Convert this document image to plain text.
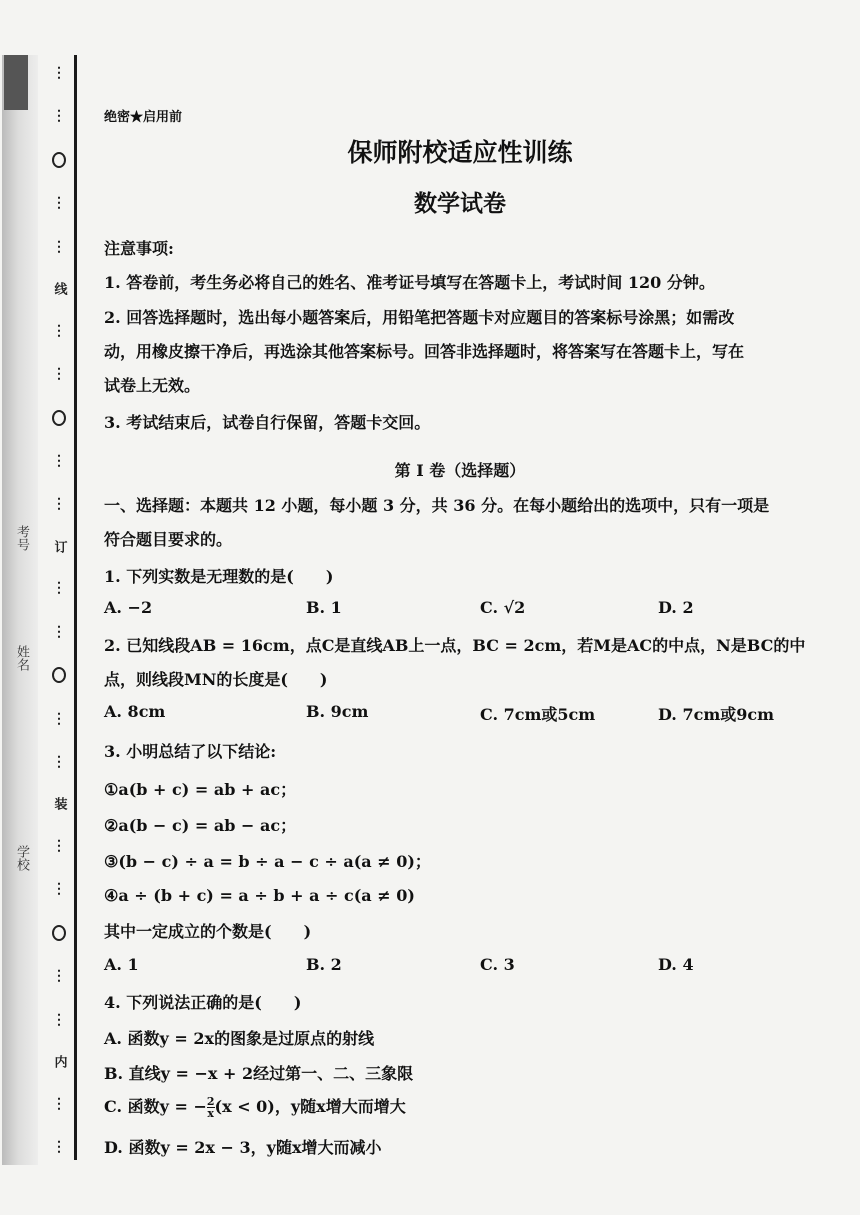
⋮
⋮
⋮
⋮
线
⋮
⋮
⋮
⋮
订
⋮
⋮
⋮
⋮
装
⋮
⋮
⋮
⋮
内
⋮
⋮
考号
姓名
学校
绝密★启用前
保师附校适应性训练
数学试卷
注意事项:
1. 答卷前，考生务必将自己的姓名、准考证号填写在答题卡上，考试时间 120 分钟。
2. 回答选择题时，选出每小题答案后，用铅笔把答题卡对应题目的答案标号涂黑；如需改
动，用橡皮擦干净后，再选涂其他答案标号。回答非选择题时，将答案写在答题卡上，写在
试卷上无效。
3. 考试结束后，试卷自行保留，答题卡交回。
第 I 卷（选择题）
一、选择题：本题共 12 小题，每小题 3 分，共 36 分。在每小题给出的选项中，只有一项是
符合题目要求的。
1. 下列实数是无理数的是(　　)
A. −2	B. 1	C. √2	D. 2
2. 已知线段AB = 16cm，点C是直线AB上一点，BC = 2cm，若M是AC的中点，N是BC的中
点，则线段MN的长度是(　　)
A. 8cm	B. 9cm	C. 7cm或5cm	D. 7cm或9cm
3. 小明总结了以下结论:
①a(b + c) = ab + ac；
②a(b − c) = ab − ac；
③(b − c) ÷ a = b ÷ a − c ÷ a(a ≠ 0)；
④a ÷ (b + c) = a ÷ b + a ÷ c(a ≠ 0)
其中一定成立的个数是(　　)
A. 1	B. 2	C. 3	D. 4
4. 下列说法正确的是(　　)
A. 函数y = 2x的图象是过原点的射线
B. 直线y = −x + 2经过第一、二、三象限
C. 函数y = − $\frac{2}{x} (x < 0)$，y随x增大而增大
D. 函数y = 2x − 3，y随x增大而减小
